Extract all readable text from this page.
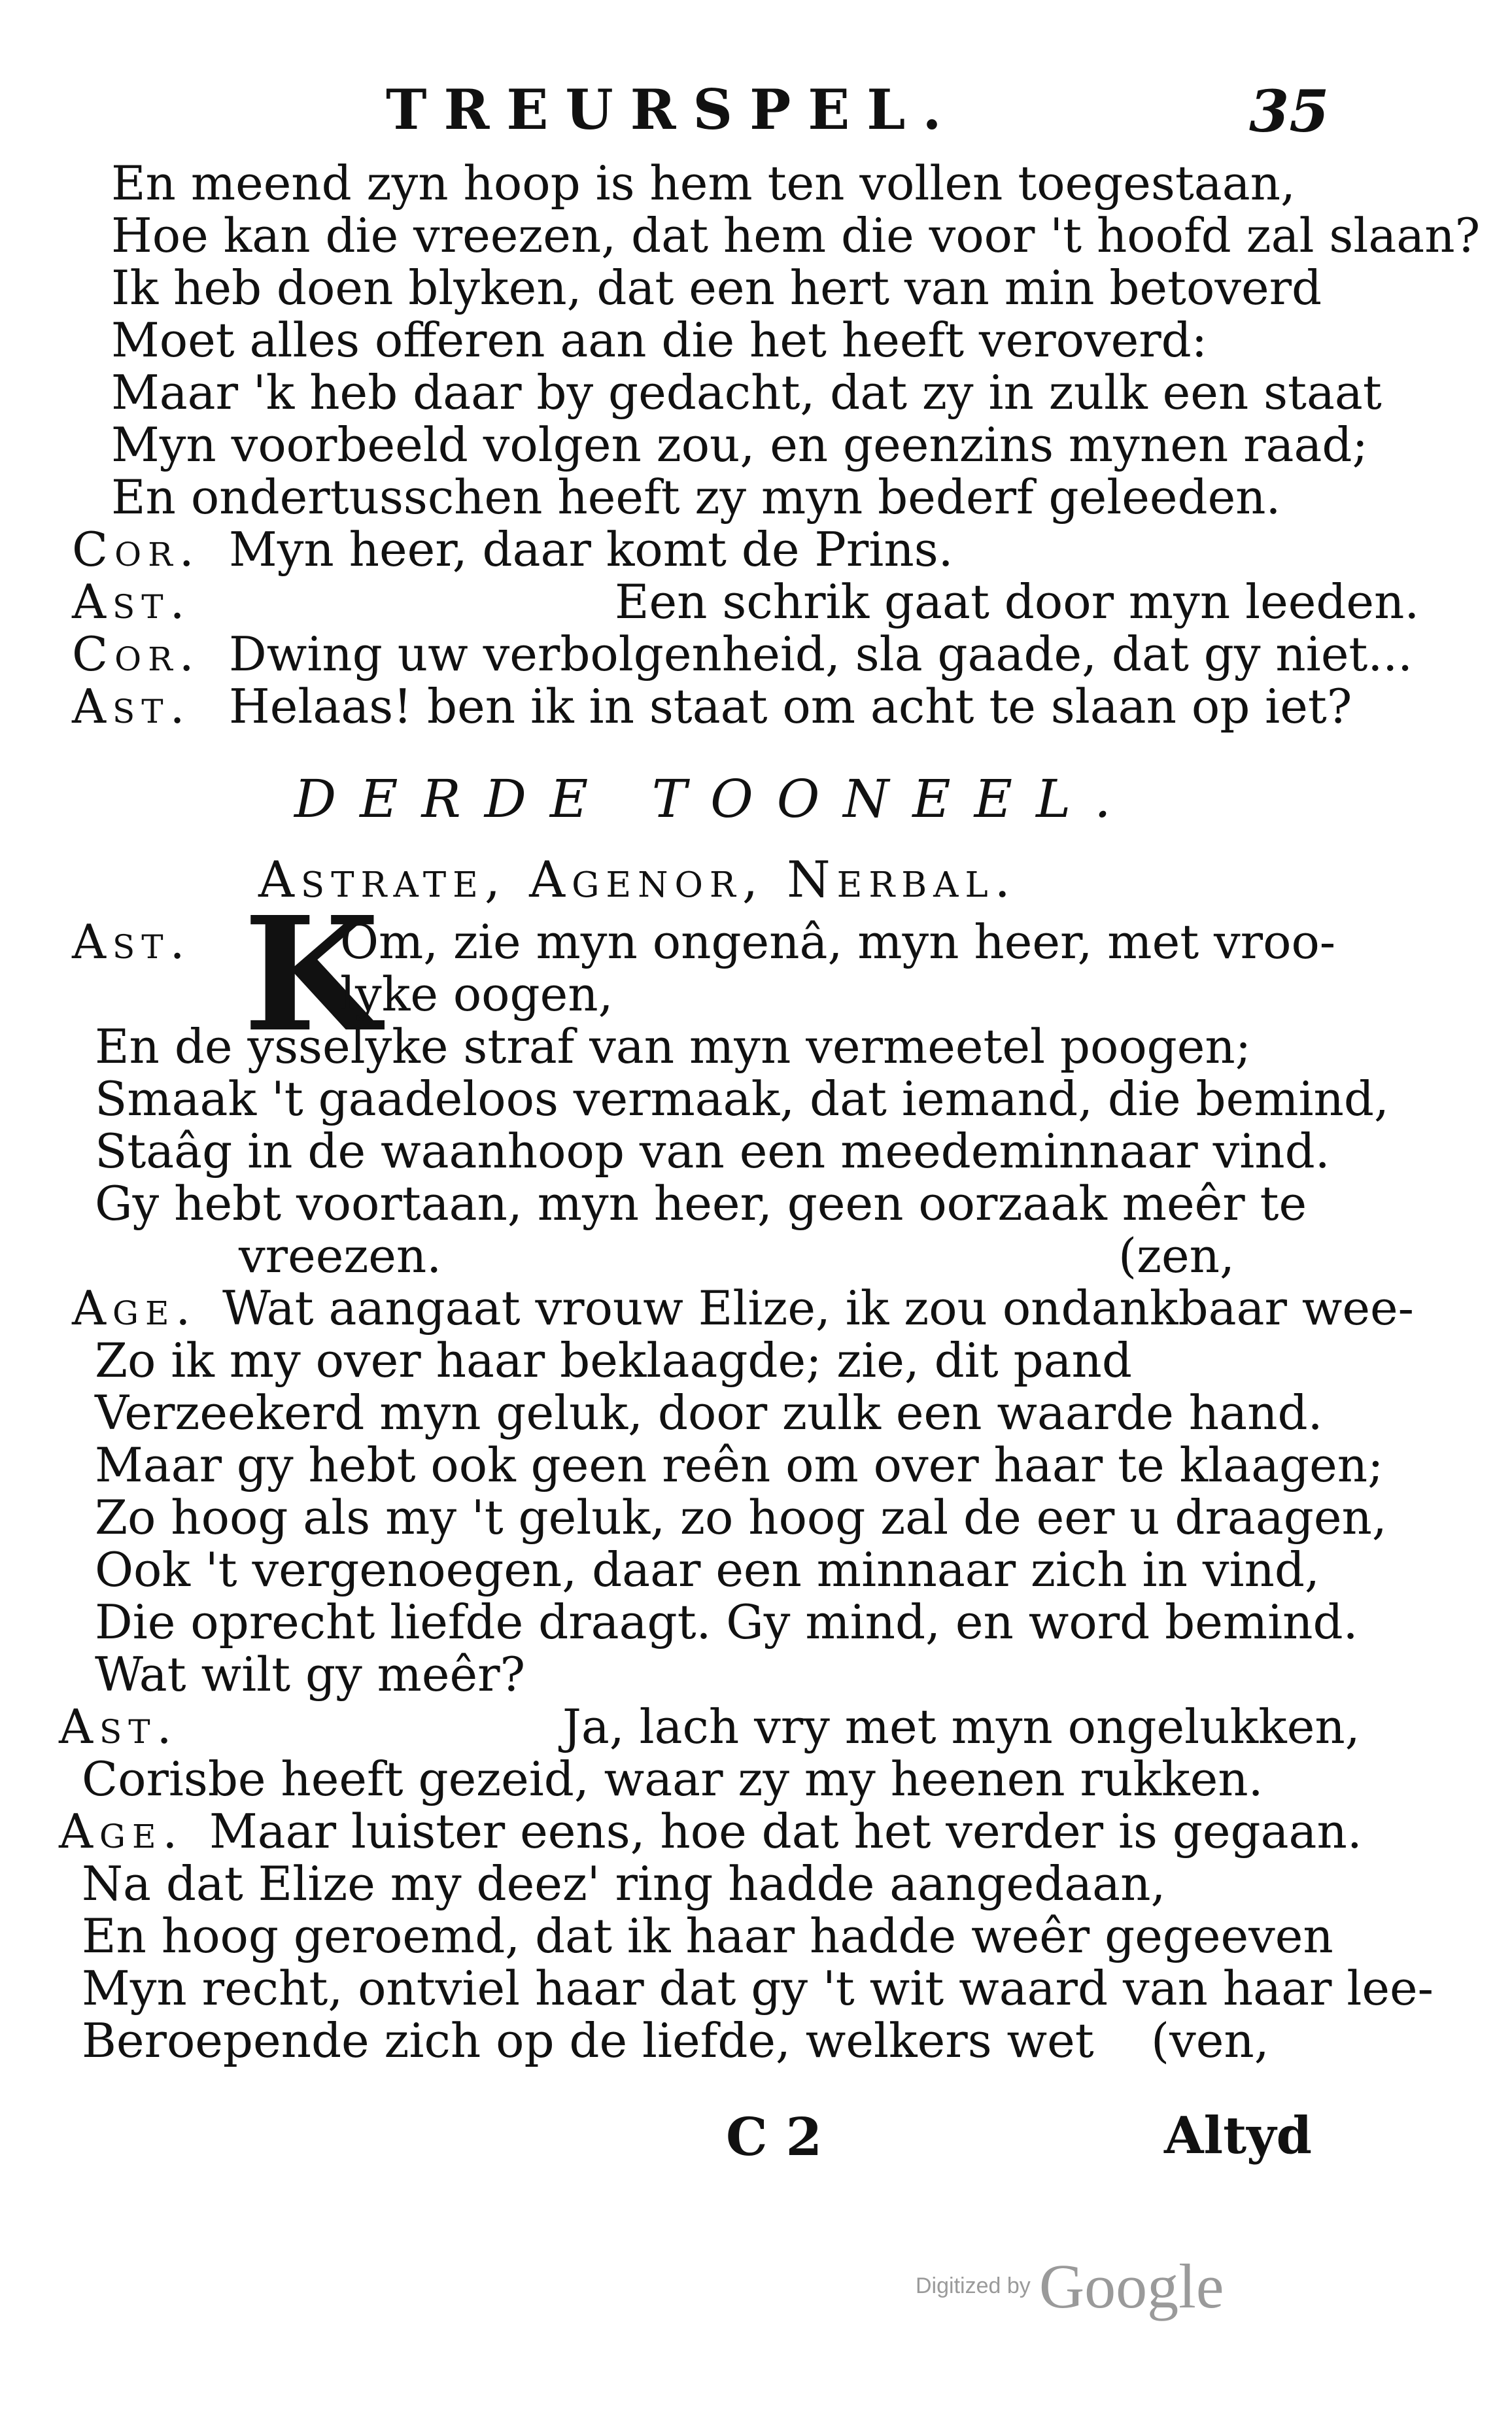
TREURSPEL.	35
En meend zyn hoop is hem ten vollen toegestaan,
Hoe kan die vreezen, dat hem die voor 't hoofd zal slaan?
Ik heb doen blyken, dat een hert van min betoverd
Moet alles offeren aan die het heeft veroverd:
Maar 'k heb daar by gedacht, dat zy in zulk een staat
Myn voorbeeld volgen zou, en geenzins mynen raad;
En ondertusschen heeft zy myn bederf geleeden.
Cor. Myn heer, daar komt de Prins.
Ast.	Een schrik gaat door myn leeden.
Cor. Dwing uw verbolgenheid, sla gaade, dat gy niet...
Ast. Helaas! ben ik in staat om acht te slaan op iet?
DERDE TOONEEL.
Astrate, Agenor, Nerbal.
Ast. K
Om, zie myn ongenâ, myn heer, met vroo-
lyke oogen,
En de ysselyke straf van myn vermeetel poogen;
Smaak 't gaadeloos vermaak, dat iemand, die bemind,
Staâg in de waanhoop van een meedeminnaar vind.
Gy hebt voortaan, myn heer, geen oorzaak meêr te
vreezen.	(zen,
Age. Wat aangaat vrouw Elize, ik zou ondankbaar wee-
Zo ik my over haar beklaagde; zie, dit pand
Verzeekerd myn geluk, door zulk een waarde hand.
Maar gy hebt ook geen reên om over haar te klaagen;
Zo hoog als my 't geluk, zo hoog zal de eer u draagen,
Ook 't vergenoegen, daar een minnaar zich in vind,
Die oprecht liefde draagt. Gy mind, en word bemind.
Wat wilt gy meêr?
Ast.	Ja, lach vry met myn ongelukken,
Corisbe heeft gezeid, waar zy my heenen rukken.
Age. Maar luister eens, hoe dat het verder is gegaan.
Na dat Elize my deez' ring hadde aangedaan,
En hoog geroemd, dat ik haar hadde weêr gegeeven
Myn recht, ontviel haar dat gy 't wit waard van haar lee-
Beroepende zich op de liefde, welkers wet (ven,
C 2	Altyd
Digitized by Google
